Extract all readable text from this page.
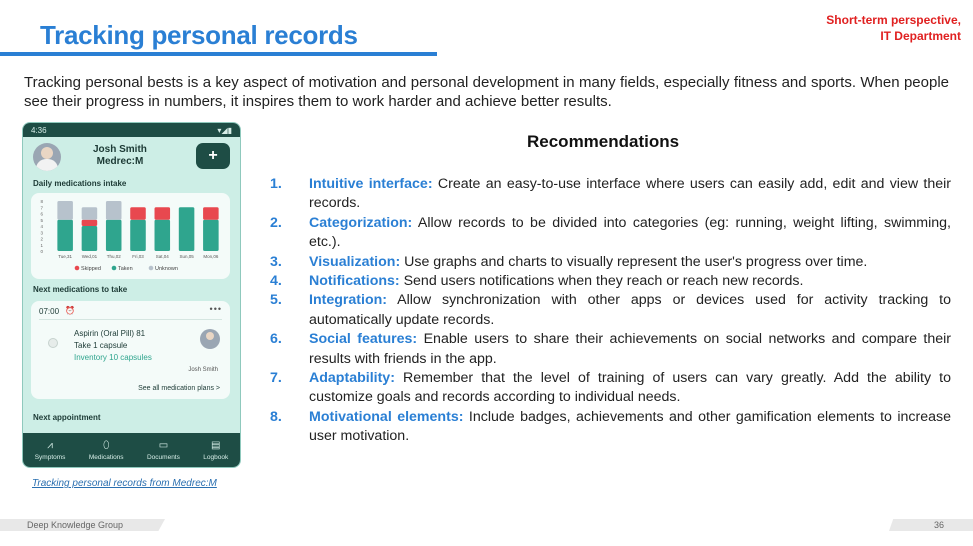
Tracking personal records	Short-term perspective,
IT Department
Tracking personal bests is a key aspect of motivation and personal development in many fields, especially fitness and sports. When people see their progress in numbers, it inspires them to work harder and achieve better results.
4:36	▾◢▮
Josh Smith
Medrec:M	+
Daily medications intake
8
7
6
5
4
3
2
1
0
Tue,31 Wed,01 Thu,02	Fri,03	Sat,04 Sun,05 Mon,06
Skipped	Taken	Unknown
Next medications to take
07:00 ⏰	•••
Aspirin (Oral Pill) 81
Take 1 capsule
Inventory 10 capsules
Josh Smith
See all medication plans >
Next appointment
⩘
Symptoms
⬯
Medications
▭
Documents
▤
Logbook
Tracking personal records from Medrec:M
Recommendations
1. Intuitive interface: Create an easy-to-use interface where users can easily add, edit and view their records.
2. Categorization: Allow records to be divided into categories (eg: running, weight lifting, swimming, etc.).
3. Visualization: Use graphs and charts to visually represent the user's progress over time.
4. Notifications: Send users notifications when they reach or reach new records.
5. Integration: Allow synchronization with other apps or devices used for activity tracking to automatically update records.
6. Social features: Enable users to share their achievements on social networks and compare their results with friends in the app.
7. Adaptability: Remember that the level of training of users can vary greatly. Add the ability to customize goals and records according to individual needs.
8. Motivational elements: Include badges, achievements and other gamification elements to increase user motivation.
Deep Knowledge Group	36
